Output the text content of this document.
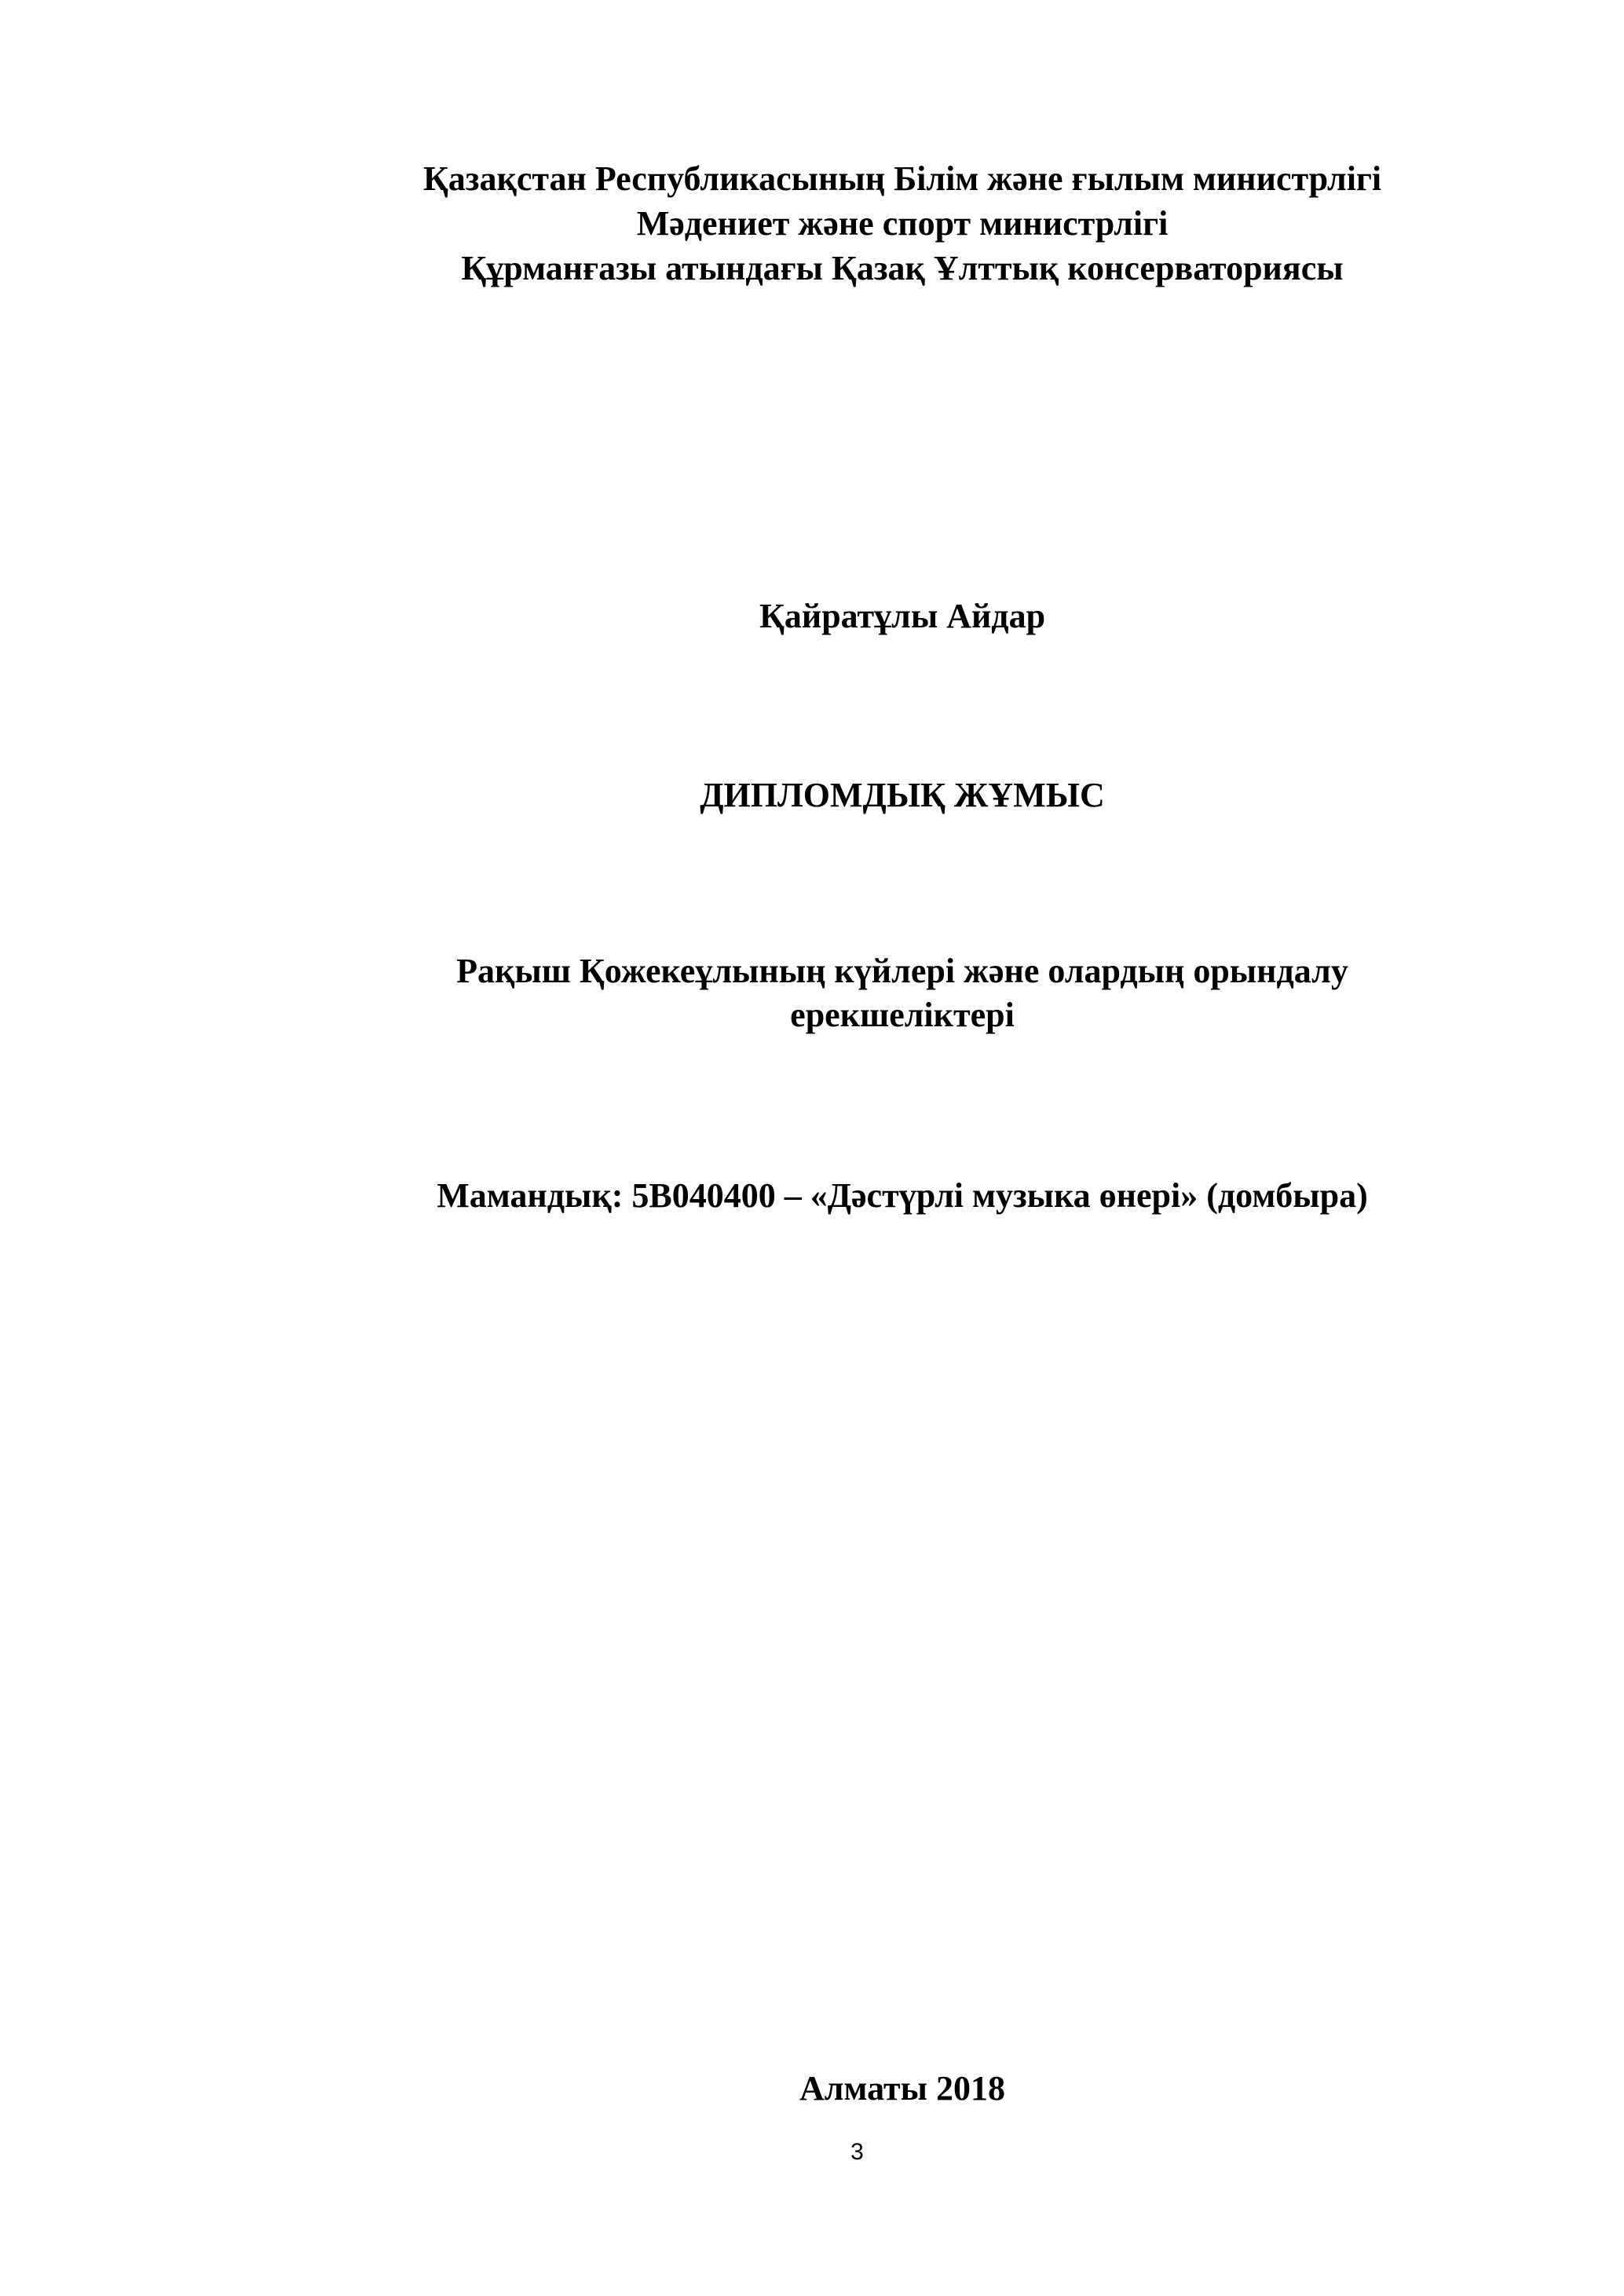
Қазақстан Республикасының Білім және ғылым министрлігі
Мәдениет және спорт министрлігі
Құрманғазы атындағы Қазақ Ұлттық консерваториясы
Қайратұлы Айдар
ДИПЛОМДЫҚ ЖҰМЫС
Рақыш Қожекеұлының күйлері және олардың орындалу
ерекшеліктері
Мамандық: 5В040400 – «Дәстүрлі музыка өнері» (домбыра)
Алматы 2018
3
